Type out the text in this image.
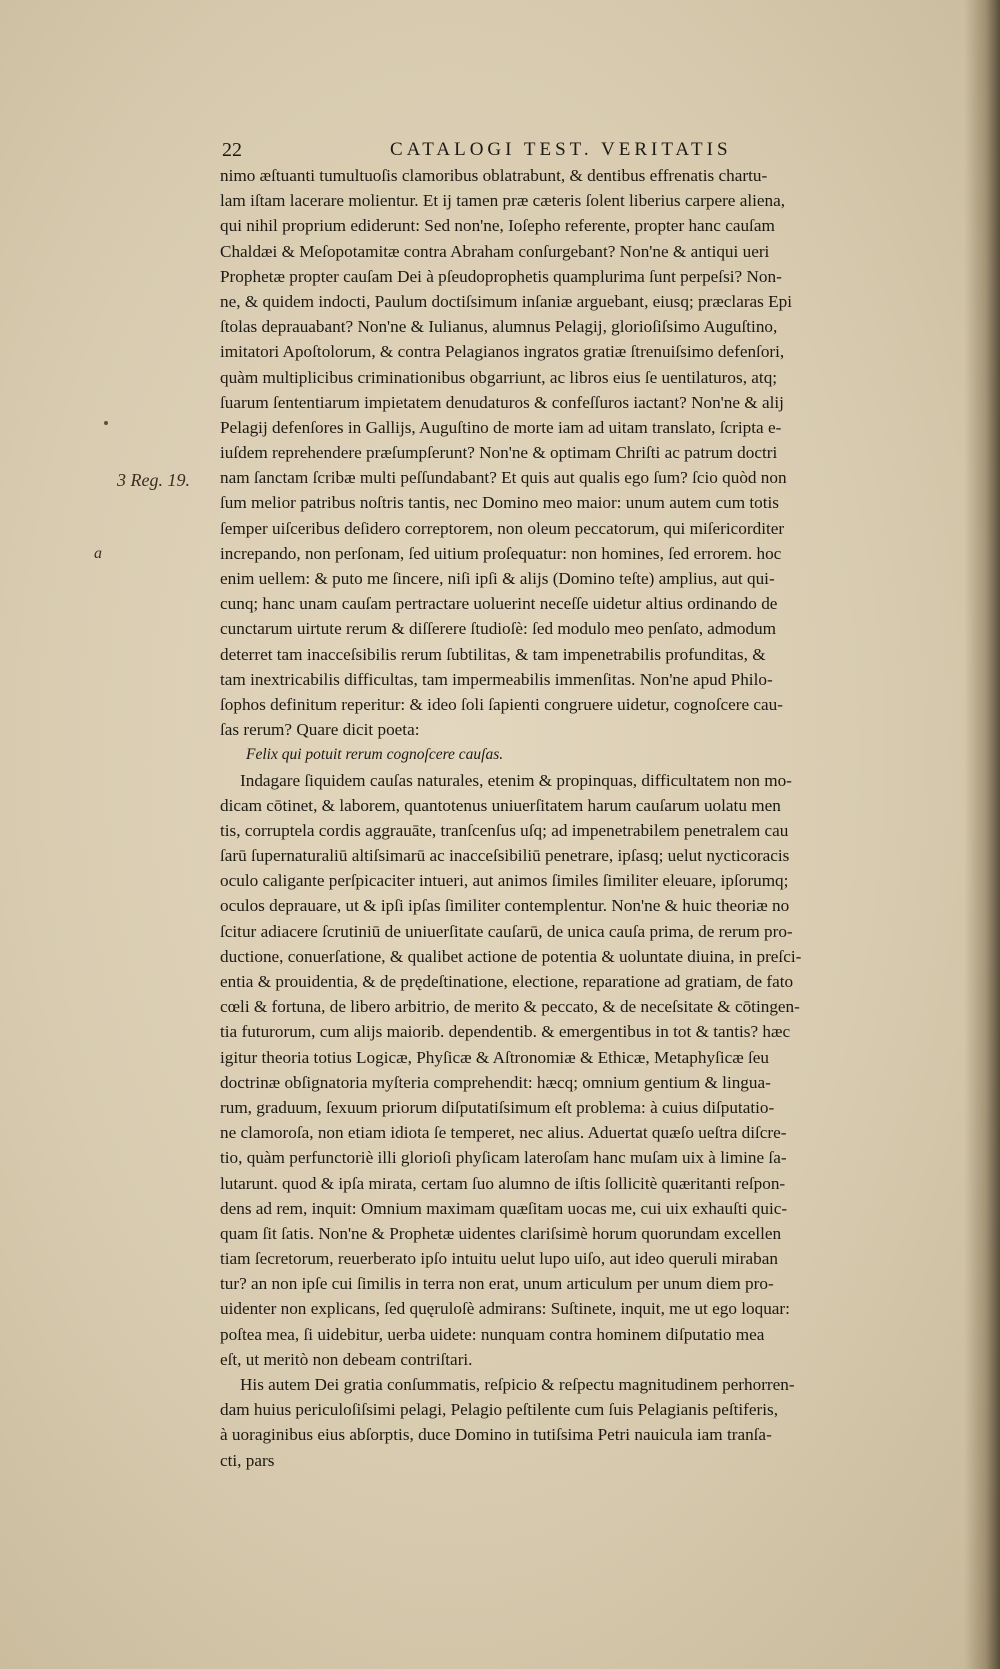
22	CATALOGI TEST. VERITATIS
3 Reg. 19.
a
nimo æſtuanti tumultuoſis clamoribus oblatrabunt, & dentibus effrenatis chartu-
lam iſtam lacerare molientur. Et ij tamen præ cæteris ſolent liberius carpere aliena,
qui nihil proprium ediderunt: Sed non'ne, Ioſepho referente, propter hanc cauſam
Chaldæi & Meſopotamitæ contra Abraham conſurgebant? Non'ne & antiqui ueri
Prophetæ propter cauſam Dei à pſeudoprophetis quamplurima ſunt perpeſsi? Non-
ne, & quidem indocti, Paulum doctiſsimum inſaniæ arguebant, eiusq; præclaras Epi
ſtolas deprauabant? Non'ne & Iulianus, alumnus Pelagij, glorioſiſsimo Auguſtino,
imitatori Apoſtolorum, & contra Pelagianos ingratos gratiæ ſtrenuiſsimo defenſori,
quàm multiplicibus criminationibus obgarriunt, ac libros eius ſe uentilaturos, atq;
ſuarum ſententiarum impietatem denudaturos & confeſſuros iactant? Non'ne & alij
Pelagij defenſores in Gallijs, Auguſtino de morte iam ad uitam translato, ſcripta e-
iuſdem reprehendere præſumpſerunt? Non'ne & optimam Chriſti ac patrum doctri
nam ſanctam ſcribæ multi peſſundabant? Et quis aut qualis ego ſum? ſcio quòd non
ſum melior patribus noſtris tantis, nec Domino meo maior: unum autem cum totis
ſemper uiſceribus deſidero correptorem, non oleum peccatorum, qui miſericorditer
increpando, non perſonam, ſed uitium proſequatur: non homines, ſed errorem. hoc
enim uellem: & puto me ſincere, niſi ipſi & alijs (Domino teſte) amplius, aut qui-
cunq; hanc unam cauſam pertractare uoluerint neceſſe uidetur altius ordinando de
cunctarum uirtute rerum & diſſerere ſtudioſè: ſed modulo meo penſato, admodum
deterret tam inacceſsibilis rerum ſubtilitas, & tam impenetrabilis profunditas, &
tam inextricabilis difficultas, tam impermeabilis immenſitas. Non'ne apud Philo-
ſophos definitum reperitur: & ideo ſoli ſapienti congruere uidetur, cognoſcere cau-
ſas rerum? Quare dicit poeta:
Felix qui potuit rerum cognoſcere cauſas.
Indagare ſiquidem cauſas naturales, etenim & propinquas, difficultatem non mo-
dicam cōtinet, & laborem, quantotenus uniuerſitatem harum cauſarum uolatu men
tis, corruptela cordis aggrauāte, tranſcenſus uſq; ad impenetrabilem penetralem cau
ſarū ſupernaturaliū altiſsimarū ac inacceſsibiliū penetrare, ipſasq; uelut nycticoracis
oculo caligante perſpicaciter intueri, aut animos ſimiles ſimiliter eleuare, ipſorumq;
oculos deprauare, ut & ipſi ipſas ſimiliter contemplentur. Non'ne & huic theoriæ no
ſcitur adiacere ſcrutiniū de uniuerſitate cauſarū, de unica cauſa prima, de rerum pro-
ductione, conuerſatione, & qualibet actione de potentia & uoluntate diuina, in preſci-
entia & prouidentia, & de prędeſtinatione, electione, reparatione ad gratiam, de fato
cœli & fortuna, de libero arbitrio, de merito & peccato, & de neceſsitate & cōtingen-
tia futurorum, cum alijs maiorib. dependentib. & emergentibus in tot & tantis? hæc
igitur theoria totius Logicæ, Phyſicæ & Aſtronomiæ & Ethicæ, Metaphyſicæ ſeu
doctrinæ obſignatoria myſteria comprehendit: hæcq; omnium gentium & lingua-
rum, graduum, ſexuum priorum diſputatiſsimum eſt problema: à cuius diſputatio-
ne clamoroſa, non etiam idiota ſe temperet, nec alius. Aduertat quæſo ueſtra diſcre-
tio, quàm perfunctoriè illi glorioſi phyſicam lateroſam hanc muſam uix à limine ſa-
lutarunt. quod & ipſa mirata, certam ſuo alumno de iſtis ſollicitè quæritanti reſpon-
dens ad rem, inquit: Omnium maximam quæſitam uocas me, cui uix exhauſti quic-
quam ſit ſatis. Non'ne & Prophetæ uidentes clariſsimè horum quorundam excellen
tiam ſecretorum, reuerberato ipſo intuitu uelut lupo uiſo, aut ideo queruli miraban
tur? an non ipſe cui ſimilis in terra non erat, unum articulum per unum diem pro-
uidenter non explicans, ſed quęruloſè admirans: Suſtinete, inquit, me ut ego loquar:
poſtea mea, ſi uidebitur, uerba uidete: nunquam contra hominem diſputatio mea
eſt, ut meritò non debeam contriſtari.
His autem Dei gratia conſummatis, reſpicio & reſpectu magnitudinem perhorren-
dam huius periculoſiſsimi pelagi, Pelagio peſtilente cum ſuis Pelagianis peſtiferis,
à uoraginibus eius abſorptis, duce Domino in tutiſsima Petri nauicula iam tranſa-
cti, pars
